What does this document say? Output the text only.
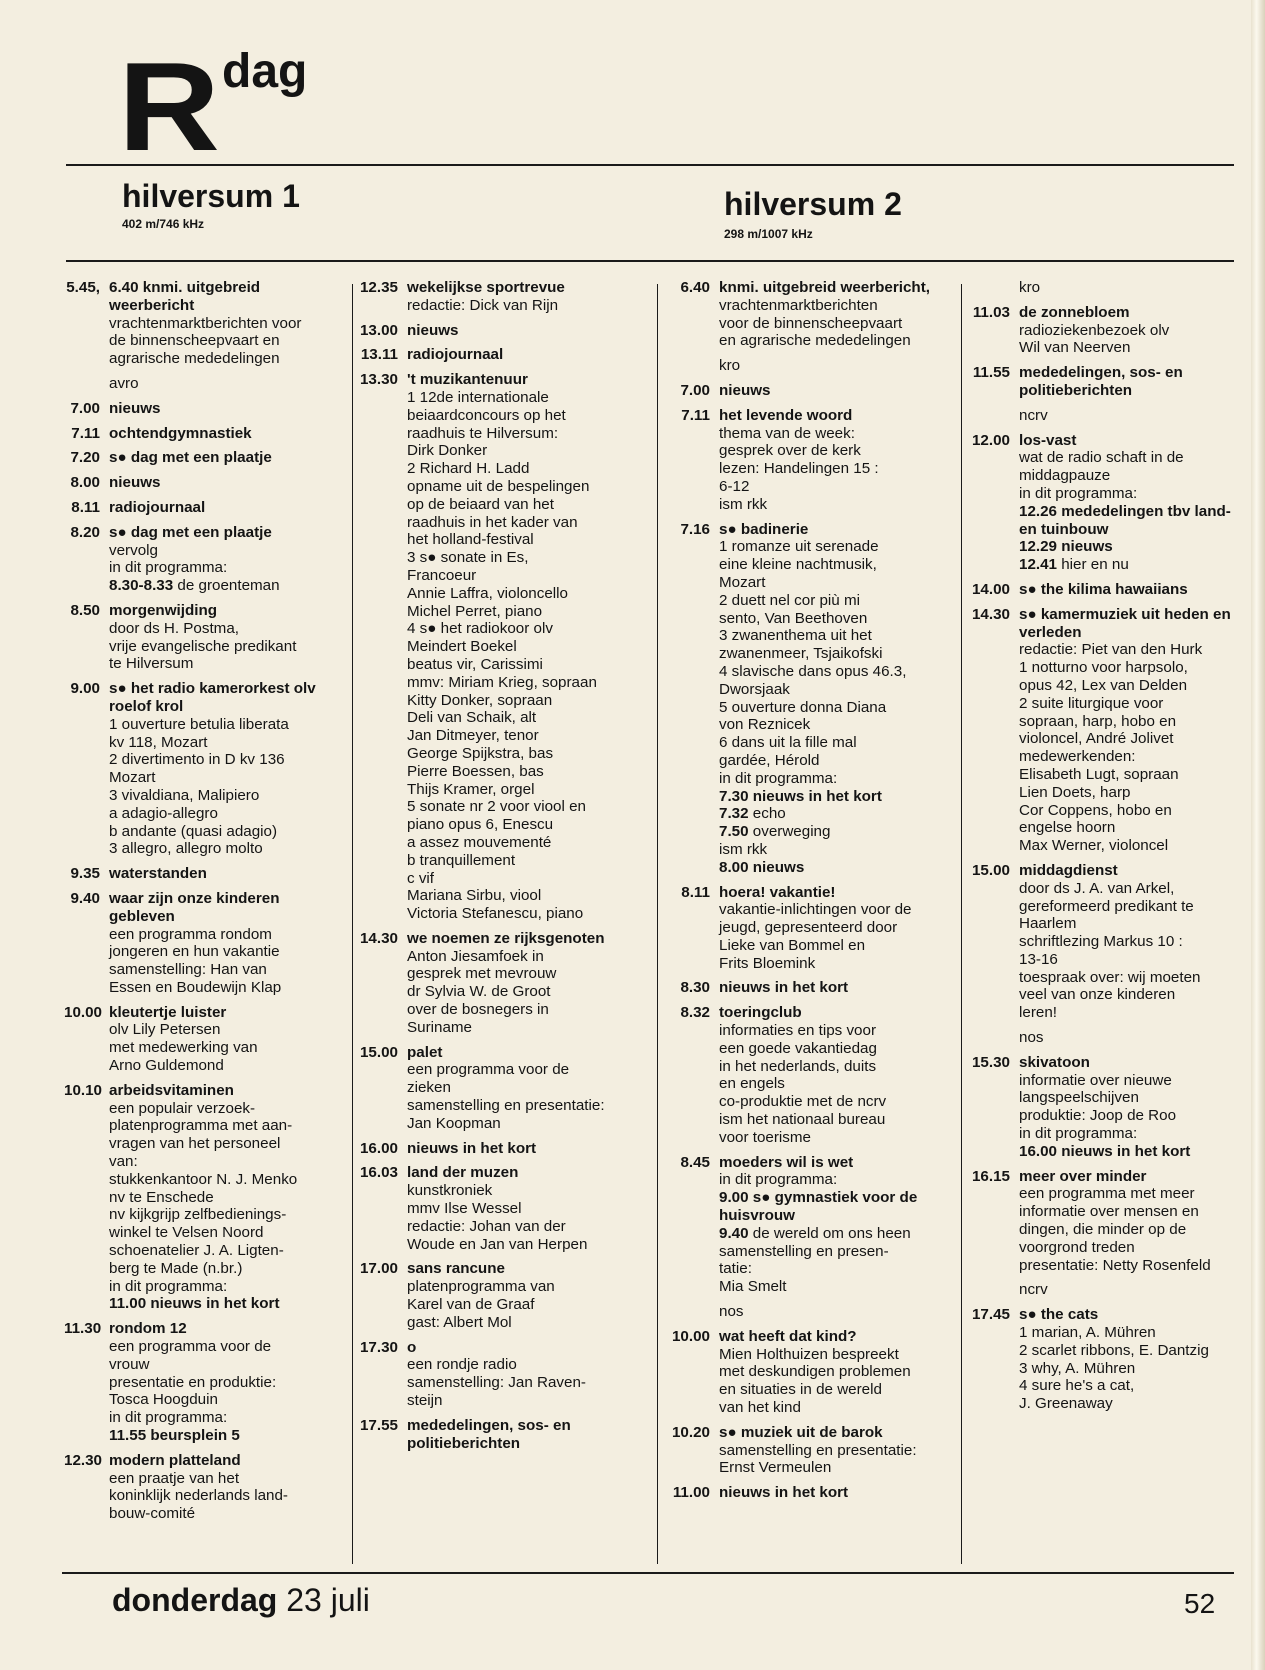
R dag
hilversum 1
402 m/746 kHz
hilversum 2
298 m/1007 kHz
5.45, 6.40 knmi. uitgebreid weerbericht
vrachtenmarktberichten voor
de binnenscheepvaart en
agrarische mededelingen
avro
7.00 nieuws
7.11 ochtendgymnastiek
7.20 s● dag met een plaatje
8.00 nieuws
8.11 radiojournaal
8.20 s● dag met een plaatje
vervolg
in dit programma:
8.30-8.33 de groenteman
8.50 morgenwijding
door ds H. Postma,
vrije evangelische predikant
te Hilversum
9.00 s● het radio kamerorkest olv roelof krol
1 ouverture betulia liberata
kv 118, Mozart
2 divertimento in D kv 136
Mozart
3 vivaldiana, Malipiero
a adagio-allegro
b andante (quasi adagio)
3 allegro, allegro molto
9.35 waterstanden
9.40 waar zijn onze kinderen gebleven
een programma rondom
jongeren en hun vakantie
samenstelling: Han van
Essen en Boudewijn Klap
10.00 kleutertje luister
olv Lily Petersen
met medewerking van
Arno Guldemond
10.10 arbeidsvitaminen
een populair verzoek-
platenprogramma met aan-
vragen van het personeel
van:
stukkenkantoor N. J. Menko
nv te Enschede
nv kijkgrijp zelfbedienings-
winkel te Velsen Noord
schoenatelier J. A. Ligten-
berg te Made (n.br.)
in dit programma:
11.00 nieuws in het kort
11.30 rondom 12
een programma voor de
vrouw
presentatie en produktie:
Tosca Hoogduin
in dit programma:
11.55 beursplein 5
12.30 modern platteland
een praatje van het
koninklijk nederlands land-
bouw-comité
12.35 wekelijkse sportrevue
redactie: Dick van Rijn
13.00 nieuws
13.11 radiojournaal
13.30 't muzikantenuur
1 12de internationale
beiaardconcours op het
raadhuis te Hilversum:
Dirk Donker
2 Richard H. Ladd
opname uit de bespelingen
op de beiaard van het
raadhuis in het kader van
het holland-festival
3 s● sonate in Es,
Francoeur
Annie Laffra, violoncello
Michel Perret, piano
4 s● het radiokoor olv
Meindert Boekel
beatus vir, Carissimi
mmv: Miriam Krieg, sopraan
Kitty Donker, sopraan
Deli van Schaik, alt
Jan Ditmeyer, tenor
George Spijkstra, bas
Pierre Boessen, bas
Thijs Kramer, orgel
5 sonate nr 2 voor viool en
piano opus 6, Enescu
a assez mouvementé
b tranquillement
c vif
Mariana Sirbu, viool
Victoria Stefanescu, piano
14.30 we noemen ze rijksgenoten
Anton Jiesamfoek in
gesprek met mevrouw
dr Sylvia W. de Groot
over de bosnegers in
Suriname
15.00 palet
een programma voor de
zieken
samenstelling en presentatie:
Jan Koopman
16.00 nieuws in het kort
16.03 land der muzen
kunstkroniek
mmv Ilse Wessel
redactie: Johan van der
Woude en Jan van Herpen
17.00 sans rancune
platenprogramma van
Karel van de Graaf
gast: Albert Mol
17.30 o
een rondje radio
samenstelling: Jan Raven-
steijn
17.55 mededelingen, sos- en politieberichten
6.40 knmi. uitgebreid weerbericht,
vrachtenmarktberichten
voor de binnenscheepvaart
en agrarische mededelingen
kro
7.00 nieuws
7.11 het levende woord
thema van de week:
gesprek over de kerk
lezen: Handelingen 15 :
6-12
ism rkk
7.16 s● badinerie
1 romanze uit serenade
eine kleine nachtmusik,
Mozart
2 duett nel cor più mi
sento, Van Beethoven
3 zwanenthema uit het
zwanenmeer, Tsjaikofski
4 slavische dans opus 46.3,
Dworsjaak
5 ouverture donna Diana
von Reznicek
6 dans uit la fille mal
gardée, Hérold
in dit programma:
7.30 nieuws in het kort
7.32 echo
7.50 overweging
ism rkk
8.00 nieuws
8.11 hoera! vakantie!
vakantie-inlichtingen voor de
jeugd, gepresenteerd door
Lieke van Bommel en
Frits Bloemink
8.30 nieuws in het kort
8.32 toeringclub
informaties en tips voor
een goede vakantiedag
in het nederlands, duits
en engels
co-produktie met de ncrv
ism het nationaal bureau
voor toerisme
8.45 moeders wil is wet
in dit programma:
9.00 s● gymnastiek voor de huisvrouw
9.40 de wereld om ons heen
samenstelling en presen-
tatie:
Mia Smelt
nos
10.00 wat heeft dat kind?
Mien Holthuizen bespreekt
met deskundigen problemen
en situaties in de wereld
van het kind
10.20 s● muziek uit de barok
samenstelling en presentatie:
Ernst Vermeulen
11.00 nieuws in het kort
kro
11.03 de zonnebloem
radioziekenbezoek olv
Wil van Neerven
11.55 mededelingen, sos- en politieberichten
ncrv
12.00 los-vast
wat de radio schaft in de
middagpauze
in dit programma:
12.26 mededelingen tbv land- en tuinbouw
12.29 nieuws
12.41 hier en nu
14.00 s● the kilima hawaiians
14.30 s● kamermuziek uit heden en verleden
redactie: Piet van den Hurk
1 notturno voor harpsolo,
opus 42, Lex van Delden
2 suite liturgique voor
sopraan, harp, hobo en
violoncel, André Jolivet
medewerkenden:
Elisabeth Lugt, sopraan
Lien Doets, harp
Cor Coppens, hobo en
engelse hoorn
Max Werner, violoncel
15.00 middagdienst
door ds J. A. van Arkel,
gereformeerd predikant te
Haarlem
schriftlezing Markus 10 :
13-16
toespraak over: wij moeten
veel van onze kinderen
leren!
nos
15.30 skivatoon
informatie over nieuwe
langspeelschijven
produktie: Joop de Roo
in dit programma:
16.00 nieuws in het kort
16.15 meer over minder
een programma met meer
informatie over mensen en
dingen, die minder op de
voorgrond treden
presentatie: Netty Rosenfeld
ncrv
17.45 s● the cats
1 marian, A. Mühren
2 scarlet ribbons, E. Dantzig
3 why, A. Mühren
4 sure he's a cat,
J. Greenaway
donderdag 23 juli	52
